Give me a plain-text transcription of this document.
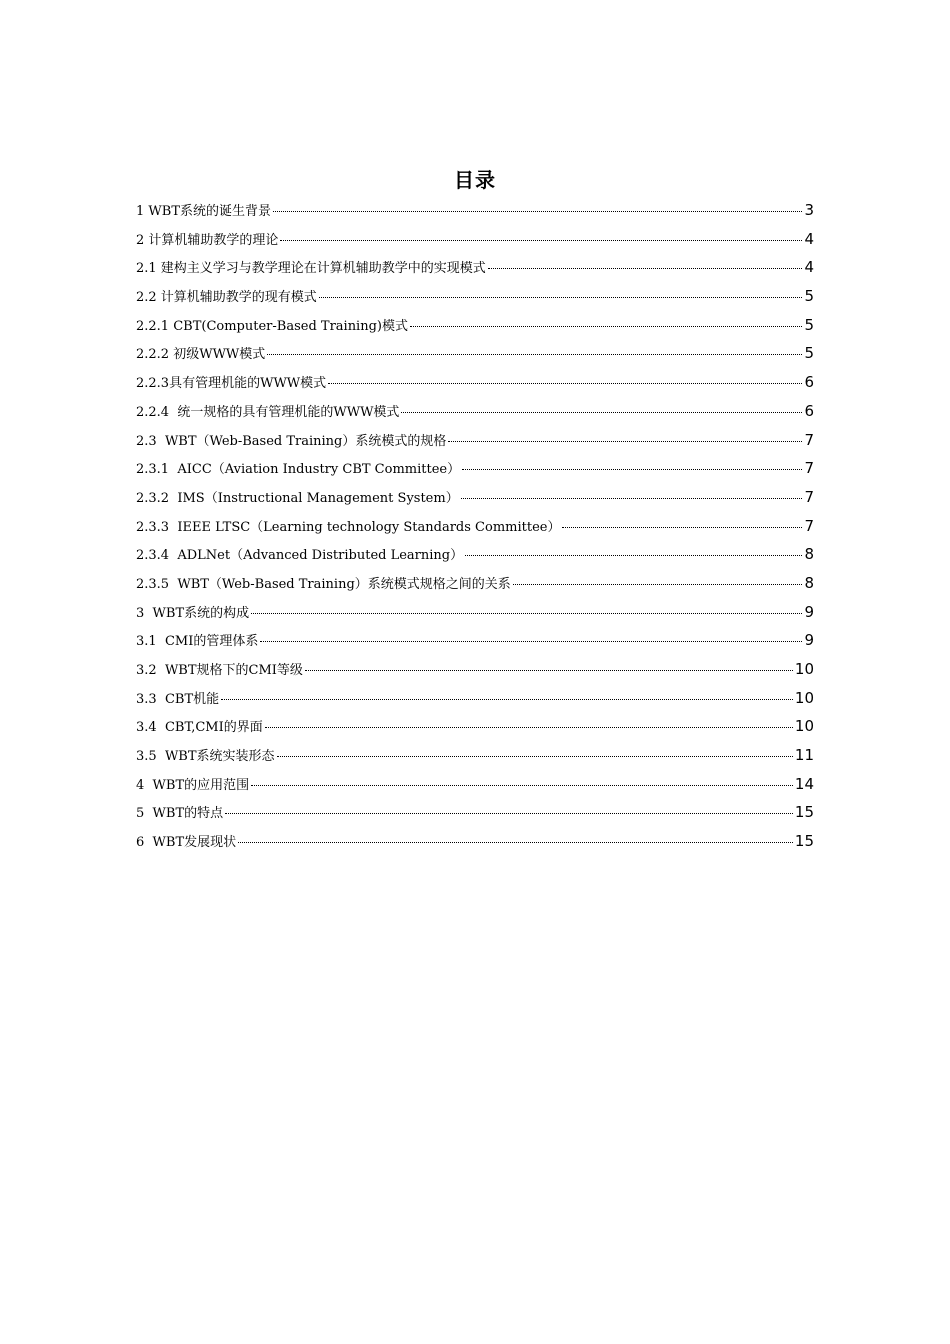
目录
1 WBT系统的诞生背景	3
2 计算机辅助教学的理论	4
2.1 建构主义学习与教学理论在计算机辅助教学中的实现模式	4
2.2 计算机辅助教学的现有模式	5
2.2.1 CBT(Computer-Based Training)模式	5
2.2.2 初级WWW模式	5
2.2.3具有管理机能的WWW模式	6
2.2.4  统一规格的具有管理机能的WWW模式	6
2.3  WBT（Web-Based Training）系统模式的规格	7
2.3.1  AICC（Aviation Industry CBT Committee）	7
2.3.2  IMS（Instructional Management System）	7
2.3.3  IEEE LTSC（Learning technology Standards Committee）	7
2.3.4  ADLNet（Advanced Distributed Learning）	8
2.3.5  WBT（Web-Based Training）系统模式规格之间的关系	8
3  WBT系统的构成	9
3.1  CMI的管理体系	9
3.2  WBT规格下的CMI等级	10
3.3  CBT机能	10
3.4  CBT,CMI的界面	10
3.5  WBT系统实装形态	11
4  WBT的应用范围	14
5  WBT的特点	15
6  WBT发展现状	15
